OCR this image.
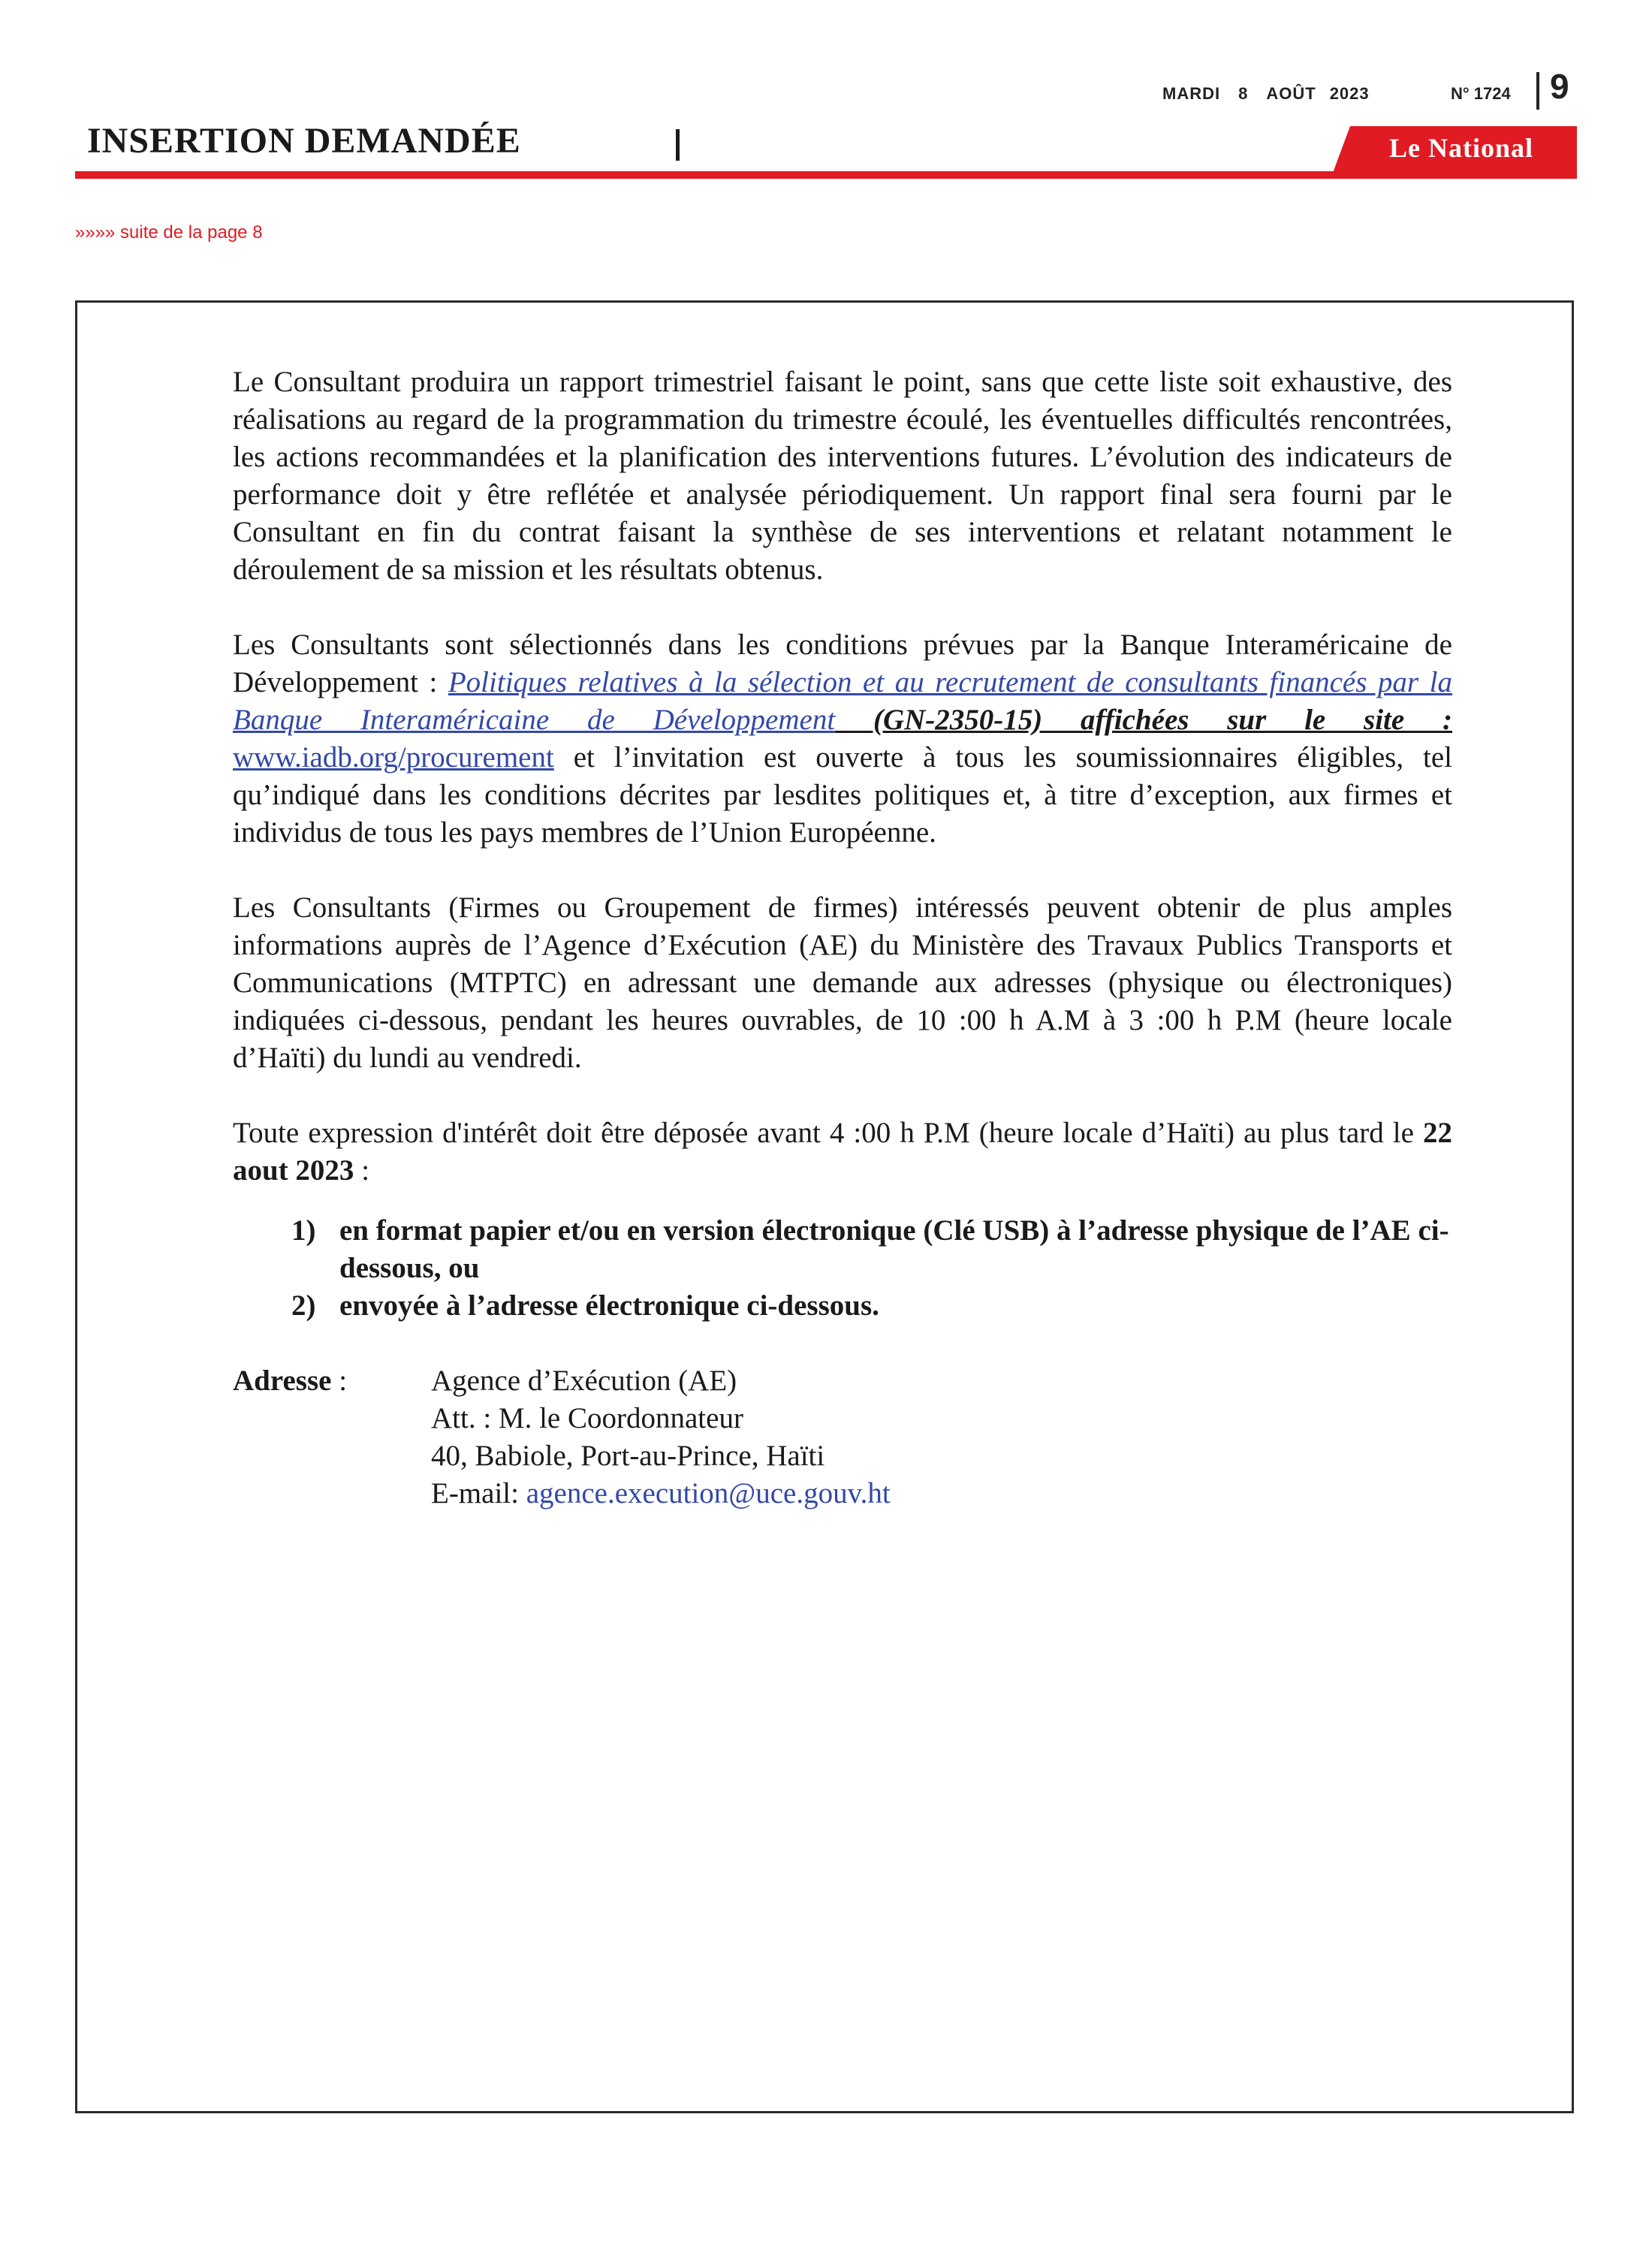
MARDI 8 AOÛT 2023	N° 1724 9
INSERTION DEMANDÉE	Le National
»»»» suite de la page 8

Le Consultant produira un rapport trimestriel faisant le point, sans que cette liste soit exhaustive, des réalisations au regard de la programmation du trimestre écoulé, les éventuelles difficultés rencontrées, les actions recommandées et la planification des interventions futures. L’évolution des indicateurs de performance doit y être reflétée et analysée périodiquement. Un rapport final sera fourni par le Consultant en fin du contrat faisant la synthèse de ses interventions et relatant notamment le déroulement de sa mission et les résultats obtenus.

Les Consultants sont sélectionnés dans les conditions prévues par la Banque Interaméricaine de Développement : Politiques relatives à la sélection et au recrutement de consultants financés par la Banque Interaméricaine de Développement (GN-2350-15) affichées sur le site : www.iadb.org/procurement et l’invitation est ouverte à tous les soumissionnaires éligibles, tel qu’indiqué dans les conditions décrites par lesdites politiques et, à titre d’exception, aux firmes et individus de tous les pays membres de l’Union Européenne.

Les Consultants (Firmes ou Groupement de firmes) intéressés peuvent obtenir de plus amples informations auprès de l’Agence d’Exécution (AE) du Ministère des Travaux Publics Transports et Communications (MTPTC) en adressant une demande aux adresses (physique ou électroniques) indiquées ci-dessous, pendant les heures ouvrables, de 10 :00 h A.M à 3 :00 h P.M (heure locale d’Haïti) du lundi au vendredi.

Toute expression d'intérêt doit être déposée avant 4 :00 h P.M (heure locale d’Haïti) au plus tard le 22 aout 2023 :

1) en format papier et/ou en version électronique (Clé USB) à l’adresse physique de l’AE ci-dessous, ou
2) envoyée à l’adresse électronique ci-dessous.
Adresse :	Agence d’Exécution (AE)
Att. : M. le Coordonnateur
40, Babiole, Port-au-Prince, Haïti
E-mail: agence.execution@uce.gouv.ht
